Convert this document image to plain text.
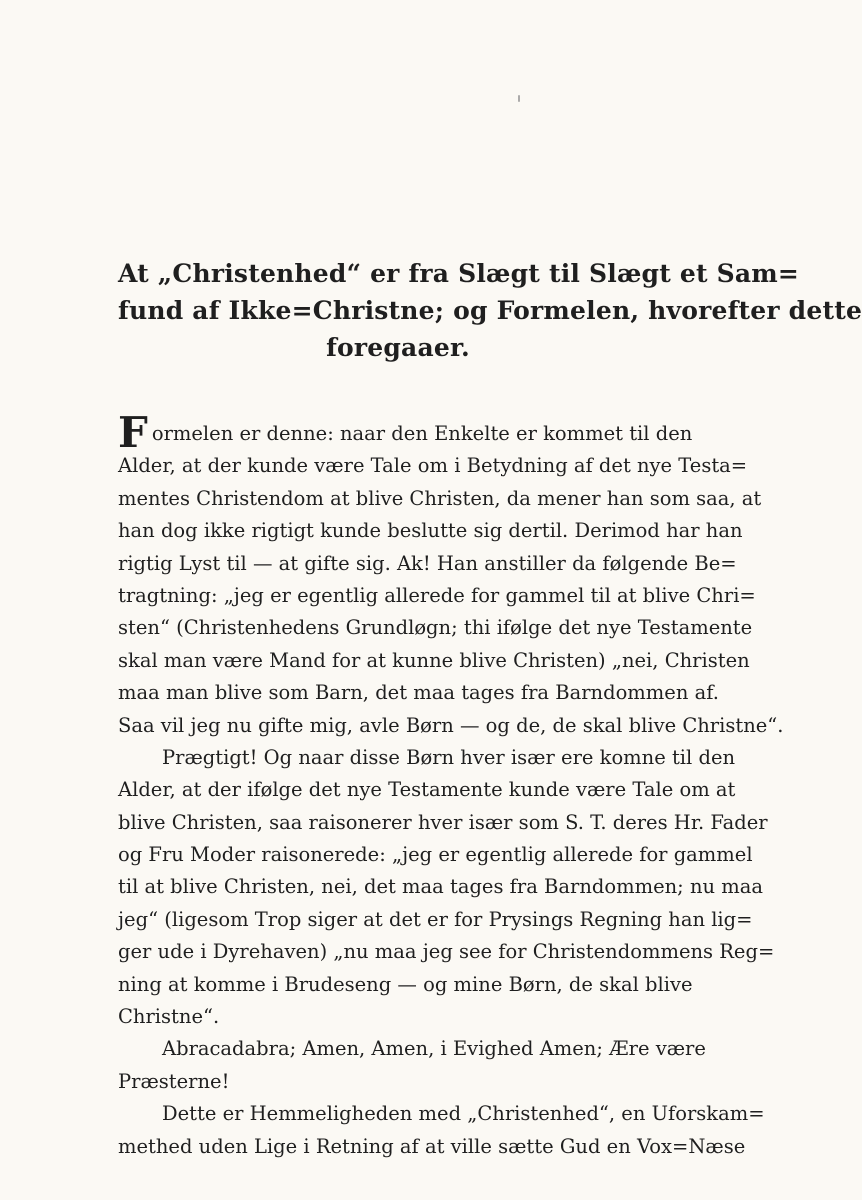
At „Christenhed“ er fra Slægt til Slægt et Sam=
fund af Ikke=Christne; og Formelen, hvorefter dette
foregaaer.
Formelen er denne: naar den Enkelte er kommet til den
Alder, at der kunde være Tale om i Betydning af det nye Testa=
mentes Christendom at blive Christen, da mener han som saa, at
han dog ikke rigtigt kunde beslutte sig dertil. Derimod har han
rigtig Lyst til — at gifte sig. Ak! Han anstiller da følgende Be=
tragtning: „jeg er egentlig allerede for gammel til at blive Chri=
sten“ (Christenhedens Grundløgn; thi ifølge det nye Testamente
skal man være Mand for at kunne blive Christen) „nei, Christen
maa man blive som Barn, det maa tages fra Barndommen af.
Saa vil jeg nu gifte mig, avle Børn — og de, de skal blive Christne“.
Prægtigt! Og naar disse Børn hver især ere komne til den
Alder, at der ifølge det nye Testamente kunde være Tale om at
blive Christen, saa raisonerer hver især som S. T. deres Hr. Fader
og Fru Moder raisonerede: „jeg er egentlig allerede for gammel
til at blive Christen, nei, det maa tages fra Barndommen; nu maa
jeg“ (ligesom Trop siger at det er for Prysings Regning han lig=
ger ude i Dyrehaven) „nu maa jeg see for Christendommens Reg=
ning at komme i Brudeseng — og mine Børn, de skal blive
Christne“.
Abracadabra; Amen, Amen, i Evighed Amen; Ære være
Præsterne!
Dette er Hemmeligheden med „Christenhed“, en Uforskam=
methed uden Lige i Retning af at ville sætte Gud en Vox=Næse
